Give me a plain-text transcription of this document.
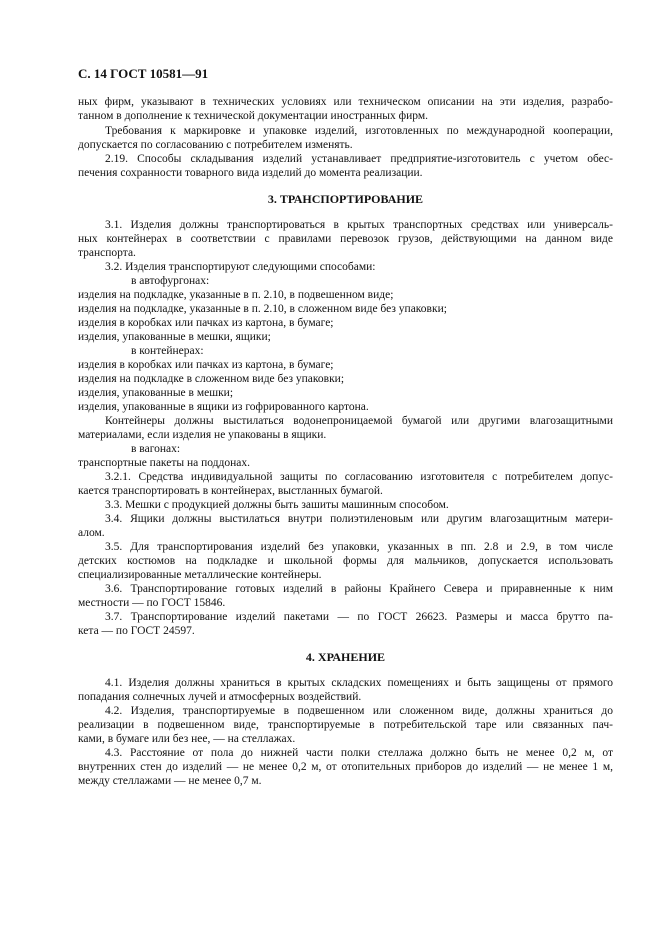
С. 14 ГОСТ 10581—91
ных фирм, указывают в технических условиях или техническом описании на эти изделия, разрабо-
танном в дополнение к технической документации иностранных фирм.
Требования к маркировке и упаковке изделий, изготовленных по международной кооперации,
допускается по согласованию с потребителем изменять.
2.19. Способы складывания изделий устанавливает предприятие-изготовитель с учетом обес-
печения сохранности товарного вида изделий до момента реализации.
3. ТРАНСПОРТИРОВАНИЕ
3.1. Изделия должны транспортироваться в крытых транспортных средствах или универсаль-
ных контейнерах в соответствии с правилами перевозок грузов, действующими на данном виде
транспорта.
3.2. Изделия транспортируют следующими способами:
в автофургонах:
изделия на подкладке, указанные в п. 2.10, в подвешенном виде;
изделия на подкладке, указанные в п. 2.10, в сложенном виде без упаковки;
изделия в коробках или пачках из картона, в бумаге;
изделия, упакованные в мешки, ящики;
в контейнерах:
изделия в коробках или пачках из картона, в бумаге;
изделия на подкладке в сложенном виде без упаковки;
изделия, упакованные в мешки;
изделия, упакованные в ящики из гофрированного картона.
Контейнеры должны выстилаться водонепроницаемой бумагой или другими влагозащитными
материалами, если изделия не упакованы в ящики.
в вагонах:
транспортные пакеты на поддонах.
3.2.1. Средства индивидуальной защиты по согласованию изготовителя с потребителем допус-
кается транспортировать в контейнерах, выстланных бумагой.
3.3. Мешки с продукцией должны быть зашиты машинным способом.
3.4. Ящики должны выстилаться внутри полиэтиленовым или другим влагозащитным матери-
алом.
3.5. Для транспортирования изделий без упаковки, указанных в пп. 2.8 и 2.9, в том числе
детских костюмов на подкладке и школьной формы для мальчиков, допускается использовать
специализированные металлические контейнеры.
3.6. Транспортирование готовых изделий в районы Крайнего Севера и приравненные к ним
местности — по ГОСТ 15846.
3.7. Транспортирование изделий пакетами — по ГОСТ 26623. Размеры и масса брутто па-
кета — по ГОСТ 24597.
4. ХРАНЕНИЕ
4.1. Изделия должны храниться в крытых складских помещениях и быть защищены от прямого
попадания солнечных лучей и атмосферных воздействий.
4.2. Изделия, транспортируемые в подвешенном или сложенном виде, должны храниться до
реализации в подвешенном виде, транспортируемые в потребительской таре или связанных пач-
ками, в бумаге или без нее, — на стеллажах.
4.3. Расстояние от пола до нижней части полки стеллажа должно быть не менее 0,2 м, от
внутренних стен до изделий — не менее 0,2 м, от отопительных приборов до изделий — не менее 1 м,
между стеллажами — не менее 0,7 м.
